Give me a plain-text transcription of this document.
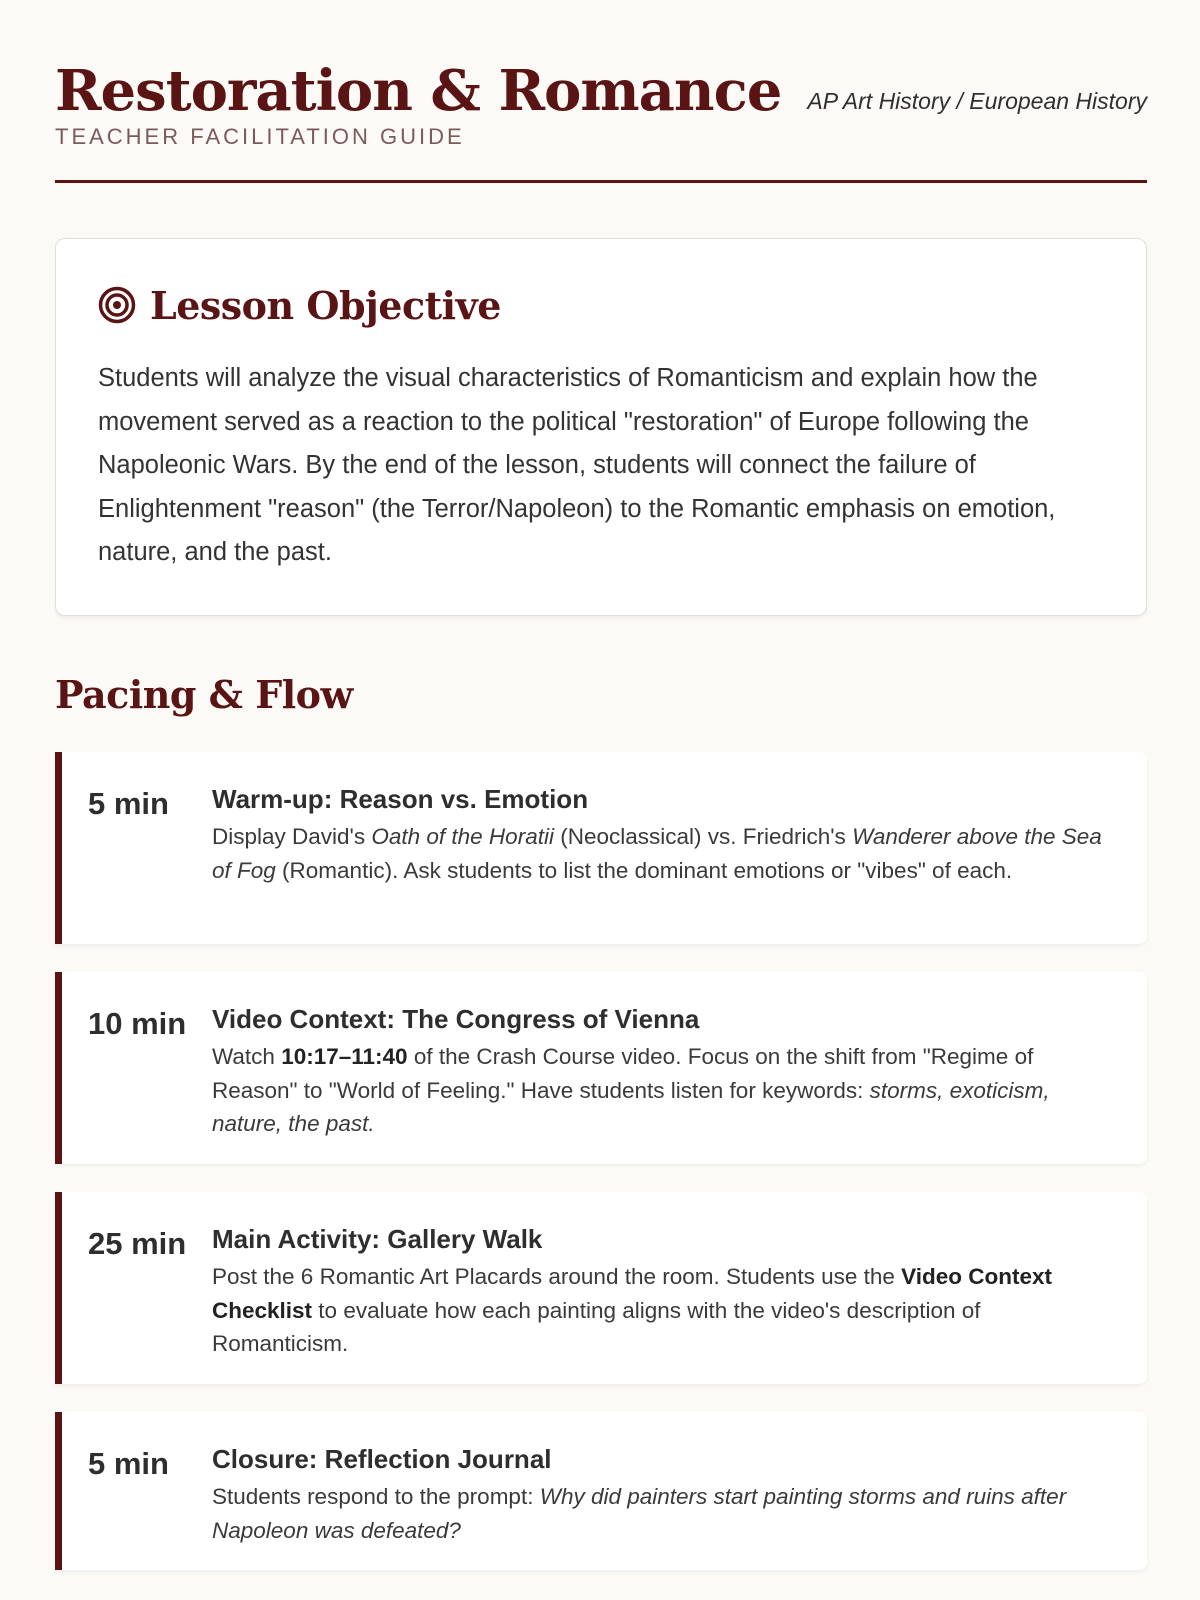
Restoration & Romance
TEACHER FACILITATION GUIDE
AP Art History / European History
Lesson Objective

Students will analyze the visual characteristics of Romanticism and explain how the movement served as a reaction to the political "restoration" of Europe following the Napoleonic Wars. By the end of the lesson, students will connect the failure of Enlightenment "reason" (the Terror/Napoleon) to the Romantic emphasis on emotion, nature, and the past.

Pacing & Flow
5 min	Warm-up: Reason vs. Emotion

Display David's Oath of the Horatii (Neoclassical) vs. Friedrich's Wanderer above the Sea of Fog (Romantic). Ask students to list the dominant emotions or "vibes" of each.

10 min Video Context: The Congress of Vienna

Watch 10:17–11:40 of the Crash Course video. Focus on the shift from "Regime of Reason" to "World of Feeling." Have students listen for keywords: storms, exoticism, nature, the past.

25 min Main Activity: Gallery Walk

Post the 6 Romantic Art Placards around the room. Students use the Video Context Checklist to evaluate how each painting aligns with the video's description of Romanticism.

5 min	Closure: Reflection Journal

Students respond to the prompt: Why did painters start painting storms and ruins after Napoleon was defeated?
